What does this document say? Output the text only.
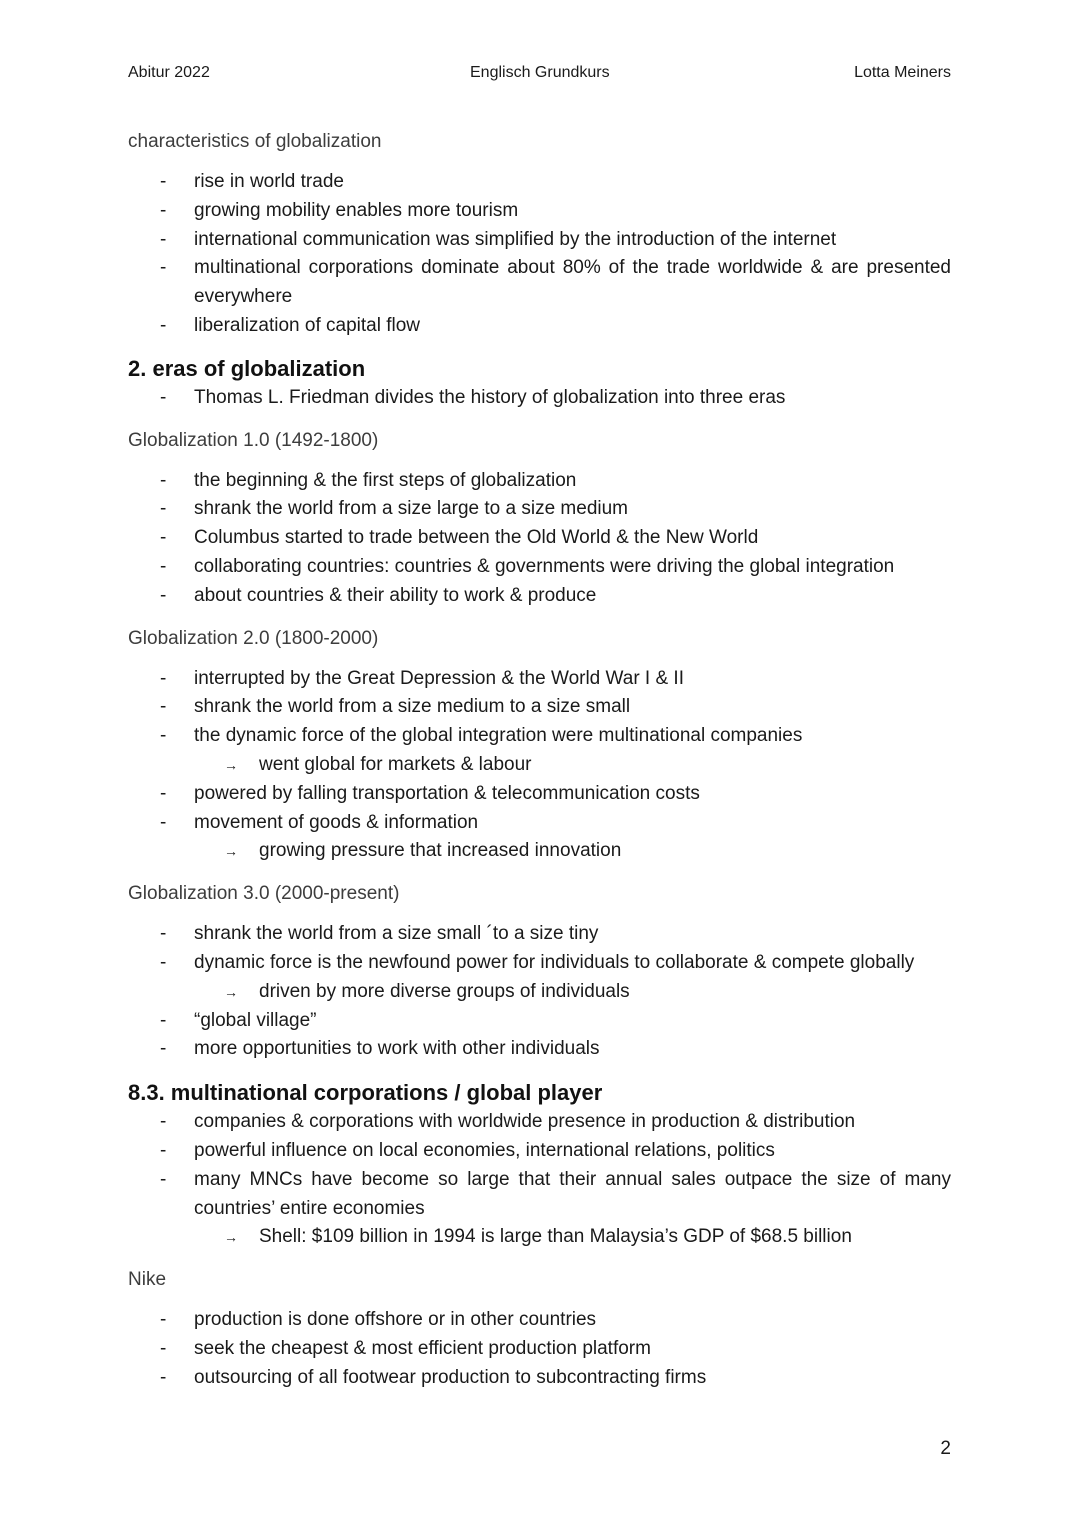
Abitur 2022	Englisch Grundkurs	Lotta Meiners

characteristics of globalization

- rise in world trade
- growing mobility enables more tourism
- international communication was simplified by the introduction of the internet
- multinational corporations dominate about 80% of the trade worldwide & are presented everywhere
- liberalization of capital flow
2. eras of globalization
- Thomas L. Friedman divides the history of globalization into three eras

Globalization 1.0 (1492-1800)

- the beginning & the first steps of globalization
- shrank the world from a size large to a size medium
- Columbus started to trade between the Old World & the New World
- collaborating countries: countries & governments were driving the global integration
- about countries & their ability to work & produce

Globalization 2.0 (1800-2000)

- interrupted by the Great Depression & the World War I & II
- shrank the world from a size medium to a size small
- the dynamic force of the global integration were multinational companies
→ went global for markets & labour
- powered by falling transportation & telecommunication costs
- movement of goods & information
→ growing pressure that increased innovation

Globalization 3.0 (2000-present)

- shrank the world from a size small ´to a size tiny
- dynamic force is the newfound power for individuals to collaborate & compete globally
→ driven by more diverse groups of individuals
- “global village”
- more opportunities to work with other individuals
8.3. multinational corporations / global player
- companies & corporations with worldwide presence in production & distribution
- powerful influence on local economies, international relations, politics
- many MNCs have become so large that their annual sales outpace the size of many countries’ entire economies
→ Shell: $109 billion in 1994 is large than Malaysia’s GDP of $68.5 billion

Nike

- production is done offshore or in other countries
- seek the cheapest & most efficient production platform
- outsourcing of all footwear production to subcontracting firms
2
